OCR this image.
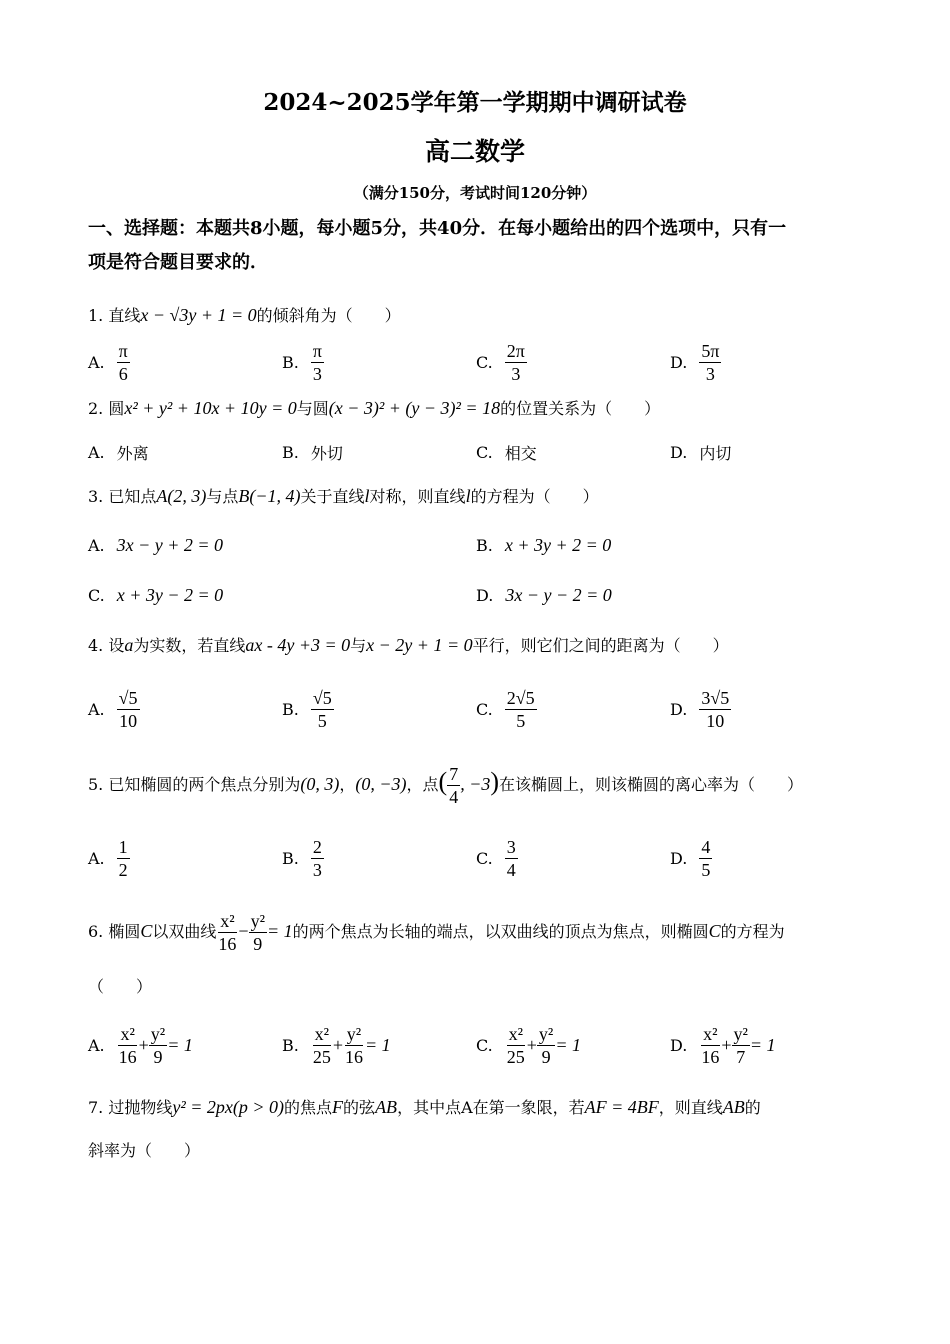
2024~2025学年第一学期期中调研试卷
高二数学
（满分150分，考试时间120分钟）
一、选择题：本题共8小题，每小题5分，共40分．在每小题给出的四个选项中，只有一
项是符合题目要求的．
1. 直线x − √3y + 1 = 0的倾斜角为（　　）
A. $\frac{\pi}{6}$	B. $\frac{\pi}{3}$	C. $\frac{2\pi}{3}$	D. $\frac{5\pi}{3}$
2. 圆x² + y² + 10x + 10y = 0与圆(x − 3)² + (y − 3)² = 18的位置关系为（　　）
A. 外离	B. 外切	C. 相交	D. 内切
3. 已知点A(2, 3)与点B(−1, 4)关于直线l对称，则直线l的方程为（　　）
A. 3x − y + 2 = 0	B. x + 3y + 2 = 0
C. x + 3y − 2 = 0	D. 3x − y − 2 = 0
4. 设a为实数，若直线ax - 4y +3 = 0与x − 2y + 1 = 0平行，则它们之间的距离为（　　）
A. $\frac{√5}{10}$	B. $\frac{√5}{5}$	C. $\frac{2√5}{5}$	D. $\frac{3√5}{10}$
5. 已知椭圆的两个焦点分别为(0, 3)，(0, −3)，点( $\frac{7}{4}$ , −3)在该椭圆上，则该椭圆的离心率为（　　）
A. $\frac{1}{2}$	B. $\frac{2}{3}$	C. $\frac{3}{4}$	D. $\frac{4}{5}$
6. 椭圆C以双曲线 $\frac{\text{x²}}{16} - \frac{\text{y²}}{9} = 1$的两个焦点为长轴的端点，以双曲线的顶点为焦点，则椭圆C的方程为
（　　）
A. $\frac{\text{x²}}{16} + \frac{\text{y²}}{9} = 1$	B. $\frac{\text{x²}}{25} + \frac{\text{y²}}{16} = 1$	C. $\frac{\text{x²}}{25} + \frac{\text{y²}}{9} = 1$	D. $\frac{\text{x²}}{16} + \frac{\text{y²}}{7} = 1$
7. 过抛物线y² = 2px(p > 0)的焦点F的弦AB，其中点A在第一象限，若AF = 4BF，则直线AB的
斜率为（　　）
